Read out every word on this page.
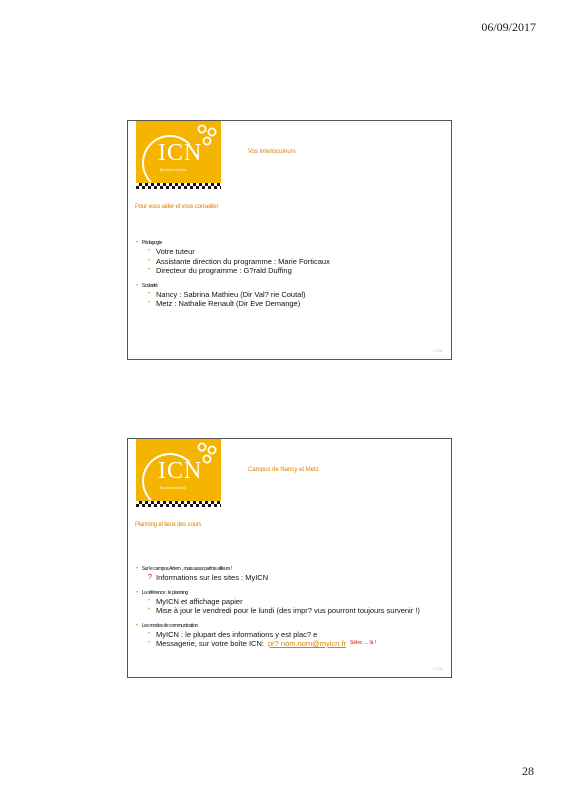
06/09/2017
ICN
Business School
Vos interlocuteurs
Pour vous aider et vous conseiller
• Pédagogie
• Votre tuteur
• Assistante direction du programme : Marie Forticaux
• Directeur du programme : G?rald Duffing
• Scolarité
• Nancy : Sabrina Mathieu (Dir Val? rie Coutal)
• Metz : Nathalie Renault (Dir Eve Demange)
ICN
ICN
Business School
Campus de Nancy et Metz
Planning et lieux des cours
• Sur le campus Artem , mais aussi parfois ailleurs !
? Informations sur les sites : MyICN
• La référence : le planning
• MyICN et affichage papier
• Mise à jour le vendredi pour le lundi (des impr? vus pourront toujours survenir !)
• Les modes de communication
• MyICN : le plupart des informations y est plac? e
• Messagerie, sur votre boîte ICN: pr? nom.nom@myicn.fr Sélec ... là !
ICN
28
